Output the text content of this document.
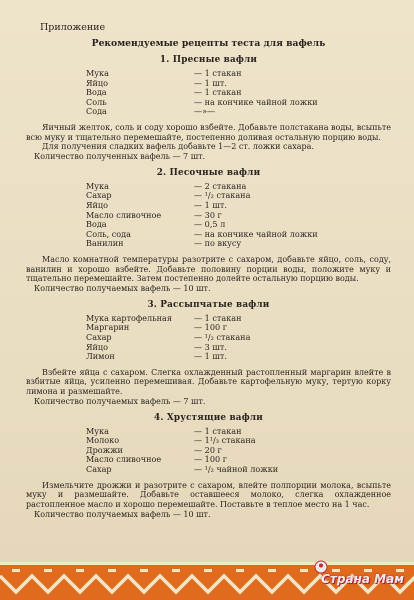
Приложение
Рекомендуемые рецепты теста для вафель
1. Пресные вафли
Мука	— 1 стакан
Яйцо	— 1 шт.
Вода	— 1 стакан
Соль	— на кончике чайной ложки
Сода	—»—
Яичный желток, соль и соду хорошо взбейте. Добавьте полстакана воды, всыпьте всю муку и тщательно перемешайте, постепенно доливая остальную порцию воды.
Для получения сладких вафель добавьте 1—2 ст. ложки сахара.
Количество полученных вафель — 7 шт.
2. Песочные вафли
Мука	— 2 стакана
Сахар	— ¹/₂ стакана
Яйцо	— 1 шт.
Масло сливочное	— 30 г
Вода	— 0,5 л
Соль, сода	— на кончике чайной ложки
Ванилин	— по вкусу
Масло комнатной температуры разотрите с сахаром, добавьте яйцо, соль, соду, ванилин и хорошо взбейте. Добавьте половину порции воды, положите муку и тщательно перемешайте. Затем постепенно долейте остальную порцию воды.
Количество получаемых вафель — 10 шт.
3. Рассыпчатые вафли
Мука картофельная	— 1 стакан
Маргарин	— 100 г
Сахар	— ¹/₂ стакана
Яйцо	— 3 шт.
Лимон	— 1 шт.
Взбейте яйца с сахаром. Слегка охлажденный растопленный маргарин влейте в взбитые яйца, усиленно перемешивая. Добавьте картофельную муку, тертую корку лимона и размешайте.
Количество получаемых вафель — 7 шт.
4. Хрустящие вафли
Мука	— 1 стакан
Молоко	— 1¹/₃ стакана
Дрожжи	— 20 г
Масло сливочное	— 100 г
Сахар	— ¹/₂ чайной ложки
Измельчите дрожжи и разотрите с сахаром, влейте полпорции молока, всыпьте муку и размешайте. Добавьте оставшееся молоко, слегка охлажденное растопленное масло и хорошо перемешайте. Поставьте в теплое место на 1 час.
Количество получаемых вафель — 10 шт.
Страна Мам
